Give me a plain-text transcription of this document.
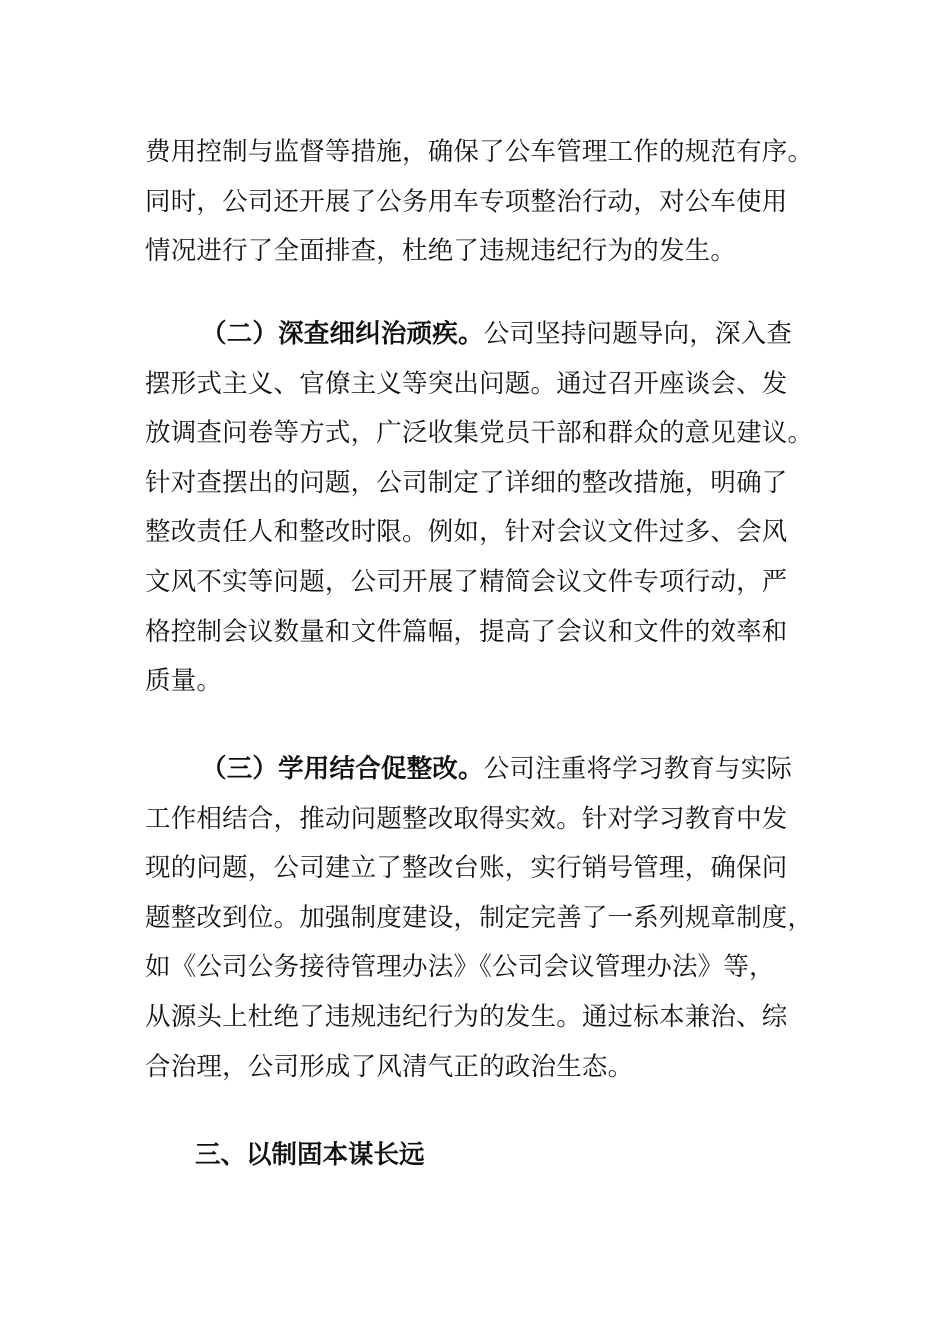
费用控制与监督等措施，确保了公车管理工作的规范有序。
同时，公司还开展了公务用车专项整治行动，对公车使用
情况进行了全面排查，杜绝了违规违纪行为的发生。

（二）深查细纠治顽疾。公司坚持问题导向，深入查
摆形式主义、官僚主义等突出问题。通过召开座谈会、发
放调查问卷等方式，广泛收集党员干部和群众的意见建议。
针对查摆出的问题，公司制定了详细的整改措施，明确了
整改责任人和整改时限。例如，针对会议文件过多、会风
文风不实等问题，公司开展了精简会议文件专项行动，严
格控制会议数量和文件篇幅，提高了会议和文件的效率和
质量。

（三）学用结合促整改。公司注重将学习教育与实际
工作相结合，推动问题整改取得实效。针对学习教育中发
现的问题，公司建立了整改台账，实行销号管理，确保问
题整改到位。加强制度建设，制定完善了一系列规章制度，
如《公司公务接待管理办法》《公司会议管理办法》等，
从源头上杜绝了违规违纪行为的发生。通过标本兼治、综
合治理，公司形成了风清气正的政治生态。

三、以制固本谋长远
